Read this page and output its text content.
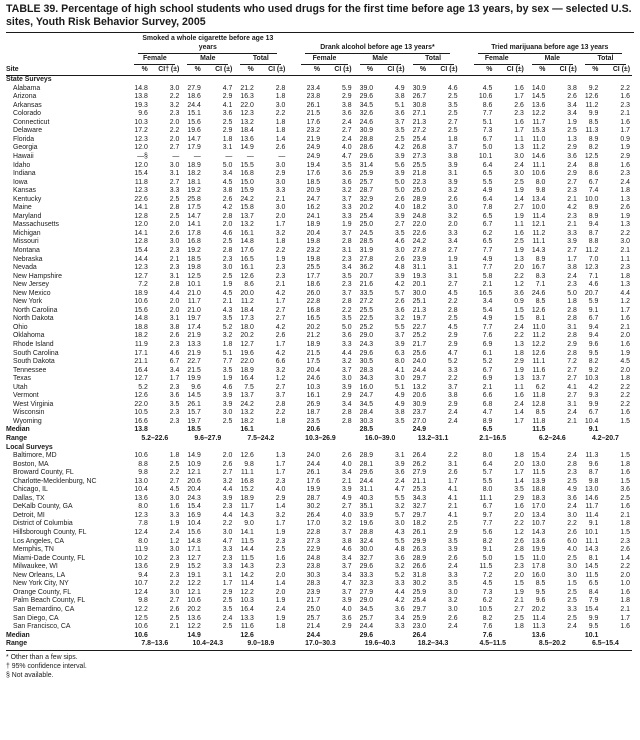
TABLE 39. Percentage of high school students who used drugs for the first time before age 13 years, by sex — selected U.S. sites, Youth Risk Behavior Survey, 2005

	Smoked a whole cigarette before age 13 years						Drank alcohol before age 13 years*						Tried marijuana before age 13 years					

	Female		Male		Total		Female		Male		Total		Female		Male		Total	

Site	%	CI† (±)	%	CI (±)	%	CI (±)	%	CI (±)	%	CI (±)	%	CI (±)	%	CI (±)	%	CI (±)	%	CI (±)
State Surveys																		
Alabama	14.8	3.0	27.9	4.7	21.2	2.8	23.4	5.9	39.0	4.9	30.9	4.6	4.5	1.6	14.0	3.8	9.2	2.2
Arizona	13.8	2.2	18.6	2.9	16.3	1.8	23.8	2.9	29.6	3.8	26.7	2.5	10.6	1.7	14.5	2.6	12.6	1.6
Arkansas	19.3	3.2	24.4	4.1	22.0	3.0	26.1	3.8	34.5	5.1	30.8	3.5	8.6	2.6	13.6	3.4	11.2	2.3
Colorado	9.6	2.3	15.1	3.6	12.3	2.2	21.5	3.6	32.6	3.6	27.1	2.5	7.7	2.3	12.2	3.4	9.9	2.1
Connecticut	10.3	2.0	15.6	2.5	13.2	1.8	17.6	2.4	24.6	3.7	21.3	2.7	5.1	1.6	11.7	1.9	8.5	1.6
Delaware	17.2	2.2	19.6	2.9	18.4	1.8	23.2	2.7	30.9	3.5	27.2	2.5	7.3	1.7	15.3	2.5	11.3	1.7
Florida	12.3	2.0	14.7	1.8	13.6	1.4	21.9	2.4	28.8	2.5	25.4	1.8	6.7	1.1	11.0	1.3	8.9	0.9
Georgia	12.0	2.7	17.9	3.1	14.9	2.6	24.9	4.0	28.6	4.2	26.8	3.7	5.0	1.3	11.2	2.9	8.2	1.9
Hawaii	—§	—	—	—	—	—	24.9	4.7	29.6	3.9	27.3	3.8	10.1	3.0	14.6	3.6	12.5	2.9
Idaho	12.0	3.0	18.9	5.0	15.5	3.0	19.4	3.5	31.4	5.6	25.5	3.9	6.4	2.4	11.1	2.4	8.8	1.6
Indiana	15.4	3.1	18.2	3.4	16.8	2.9	17.6	3.6	25.9	3.9	21.8	3.1	6.5	3.0	10.6	2.9	8.6	2.3
Iowa	11.8	2.7	18.1	4.5	15.0	3.0	18.5	3.6	25.7	5.0	22.3	3.9	5.5	2.5	8.0	2.7	6.7	2.4
Kansas	12.3	3.3	19.2	3.8	15.9	3.3	20.9	3.2	28.7	5.0	25.0	3.2	4.9	1.9	9.8	2.3	7.4	1.8
Kentucky	22.6	2.5	25.8	2.6	24.2	2.1	24.7	3.7	32.9	2.6	28.9	2.6	6.4	1.4	13.4	2.1	10.0	1.3
Maine	14.1	2.8	17.5	4.2	15.8	3.0	16.2	3.3	20.2	4.0	18.2	3.0	7.8	2.7	10.0	4.2	8.9	2.6
Maryland	12.8	2.5	14.7	2.8	13.7	2.0	24.1	3.3	25.4	3.9	24.8	3.2	6.5	1.9	11.4	2.3	8.9	1.9
Massachusetts	12.0	2.0	14.1	2.0	13.2	1.7	18.9	1.9	25.0	2.7	22.0	2.0	6.7	1.1	12.1	2.1	9.4	1.3
Michigan	14.1	2.6	17.8	4.6	16.1	3.2	20.4	3.7	24.5	3.5	22.6	3.3	6.2	1.6	11.2	3.3	8.7	2.2
Missouri	12.8	3.0	16.8	2.5	14.8	1.8	19.8	2.8	28.5	4.6	24.2	3.4	6.5	2.5	11.1	3.9	8.8	3.0
Montana	15.4	2.3	19.2	2.8	17.6	2.2	23.2	3.1	31.9	3.0	27.8	2.7	7.7	1.9	14.3	2.7	11.2	2.1
Nebraska	14.4	2.1	18.5	2.3	16.5	1.9	19.8	2.3	27.8	2.6	23.9	1.9	4.9	1.3	8.9	1.7	7.0	1.1
Nevada	12.3	2.3	19.8	3.0	16.1	2.3	25.5	3.4	36.2	4.8	31.1	3.1	7.7	2.0	16.7	3.8	12.3	2.3
New Hampshire	12.7	3.1	12.5	2.5	12.6	2.3	17.7	3.5	20.7	3.9	19.3	3.1	5.8	2.2	8.3	2.4	7.1	1.8
New Jersey	7.2	2.8	10.1	1.9	8.6	2.1	18.6	2.3	21.6	4.2	20.1	2.7	2.1	1.2	7.1	2.3	4.6	1.3
New Mexico	18.9	4.4	21.0	4.5	20.0	4.2	26.0	3.7	33.5	5.7	30.0	4.5	16.5	3.6	24.6	5.0	20.7	4.4
New York	10.6	2.0	11.7	2.1	11.2	1.7	22.8	2.8	27.2	2.6	25.1	2.2	3.4	0.9	8.5	1.8	5.9	1.2
North Carolina	15.6	2.0	21.0	4.3	18.4	2.7	16.8	2.2	25.5	3.6	21.3	2.8	5.4	1.5	12.6	2.8	9.1	1.7
North Dakota	14.8	3.1	19.7	3.5	17.3	2.7	16.5	3.5	22.5	3.2	19.7	2.5	4.9	1.5	8.1	2.8	6.7	1.6
Ohio	18.8	3.8	17.4	5.2	18.0	4.2	20.2	5.0	25.2	5.5	22.7	4.5	7.7	2.4	11.0	3.1	9.4	2.1
Oklahoma	18.2	2.6	21.9	3.2	20.2	2.6	21.2	3.6	29.0	3.7	25.2	2.9	7.6	2.2	11.2	2.8	9.4	2.0
Rhode Island	11.9	2.3	13.3	1.8	12.7	1.7	18.9	3.3	24.3	3.9	21.7	2.9	6.9	1.3	12.2	2.9	9.6	1.6
South Carolina	17.1	4.6	21.9	5.1	19.6	4.2	21.5	4.4	29.6	6.3	25.6	4.7	6.1	1.8	12.6	2.8	9.5	1.9
South Dakota	21.1	6.7	22.7	7.7	22.0	6.6	17.5	3.2	30.5	8.0	24.0	5.2	5.2	2.9	11.1	7.2	8.2	4.5
Tennessee	16.4	3.4	21.5	3.5	18.9	3.2	20.4	3.7	28.3	4.1	24.4	3.3	6.7	1.9	11.6	2.7	9.2	2.0
Texas	12.7	1.7	19.9	1.9	16.4	1.2	24.6	3.0	34.3	3.0	29.7	2.2	6.9	1.3	13.7	2.7	10.3	1.8
Utah	5.2	2.3	9.6	4.6	7.5	2.7	10.3	3.9	16.0	5.1	13.2	3.7	2.1	1.1	6.2	4.1	4.2	2.2
Vermont	12.6	3.6	14.5	3.9	13.7	3.7	16.1	2.9	24.7	4.9	20.6	3.8	6.6	1.6	11.8	2.7	9.3	2.2
West Virginia	22.0	3.5	26.1	3.9	24.2	2.8	26.9	3.4	34.5	4.9	30.9	2.9	6.8	2.4	12.8	3.1	9.9	2.2
Wisconsin	10.5	2.3	15.7	3.0	13.2	2.2	18.7	2.8	28.4	3.8	23.7	2.4	4.7	1.4	8.5	2.4	6.7	1.6
Wyoming	16.6	2.3	19.7	2.5	18.2	1.8	23.5	2.8	30.3	3.5	27.0	2.4	8.9	1.7	11.8	2.1	10.4	1.5
Median	13.8		18.5		16.1		20.6		28.5		24.9		6.5		11.5		9.1	
Range	5.2–22.6		9.6–27.9		7.5–24.2		10.3–26.9		16.0–39.0		13.2–31.1		2.1–16.5		6.2–24.6		4.2–20.7	
Local Surveys																		
Baltimore, MD	10.6	1.8	14.9	2.0	12.6	1.3	24.0	2.6	28.9	3.1	26.4	2.2	8.0	1.8	15.4	2.4	11.3	1.5
Boston, MA	8.8	2.5	10.9	2.6	9.8	1.7	24.4	4.0	28.1	3.9	26.2	3.1	6.4	2.0	13.0	2.8	9.6	1.8
Broward County, FL	9.8	2.2	12.1	2.7	11.1	1.7	26.1	3.4	29.6	3.6	27.9	2.6	5.7	1.7	11.5	2.3	8.7	1.6
Charlotte-Mecklenburg, NC	13.0	2.7	20.6	3.2	16.8	2.3	17.6	2.1	24.4	2.4	21.1	1.7	5.5	1.4	13.9	2.5	9.8	1.5
Chicago, IL	10.4	4.5	20.4	4.4	15.2	4.0	19.9	3.9	31.1	4.7	25.3	4.1	8.0	3.5	18.8	4.9	13.0	3.6
Dallas, TX	13.6	3.0	24.3	3.9	18.9	2.9	28.7	4.9	40.3	5.5	34.3	4.1	11.1	2.9	18.3	3.6	14.6	2.5
DeKalb County, GA	8.0	1.6	15.4	2.3	11.7	1.4	30.2	2.7	35.1	3.2	32.7	2.1	6.7	1.6	17.0	2.4	11.7	1.6
Detroit, MI	12.3	3.3	16.9	4.4	14.3	3.2	26.4	4.0	33.9	5.7	29.7	4.1	9.7	2.0	13.4	3.0	11.4	2.1
District of Columbia	7.8	1.9	10.4	2.2	9.0	1.7	17.0	3.2	19.6	3.0	18.2	2.5	7.7	2.2	10.7	2.2	9.1	1.8
Hillsborough County, FL	12.4	2.4	15.6	3.0	14.1	1.9	22.8	3.7	28.8	4.3	26.1	2.9	5.6	1.2	14.3	2.6	10.1	1.5
Los Angeles, CA	8.0	1.2	14.8	4.7	11.5	2.3	27.3	3.8	32.4	5.5	29.9	3.5	8.2	2.6	13.6	6.0	11.1	2.3
Memphis, TN	11.9	3.0	17.1	3.3	14.4	2.5	22.9	4.6	30.0	4.8	26.3	3.9	9.1	2.8	19.9	4.0	14.3	2.6
Miami-Dade County, FL	10.2	2.3	12.7	2.3	11.5	1.6	24.8	3.4	32.7	3.6	28.9	2.6	5.0	1.5	11.0	2.5	8.1	1.4
Milwaukee, WI	13.6	2.9	15.2	3.3	14.3	2.3	23.8	3.7	29.6	3.2	26.6	2.4	11.5	2.3	17.8	3.0	14.5	2.2
New Orleans, LA	9.4	2.3	19.1	3.1	14.2	2.0	30.3	3.4	33.3	5.2	31.8	3.3	7.2	2.0	16.0	3.0	11.5	2.0
New York City, NY	10.7	2.2	12.2	1.7	11.4	1.4	28.3	4.7	32.3	3.3	30.2	3.5	4.5	1.5	8.5	1.5	6.5	1.0
Orange County, FL	12.4	3.0	12.1	2.9	12.2	2.0	23.9	3.7	27.9	4.4	25.9	3.0	7.3	1.9	9.5	2.5	8.4	1.6
Palm Beach County, FL	9.8	2.7	10.6	2.5	10.3	1.9	21.7	3.9	29.0	4.2	25.4	3.2	6.2	2.1	9.6	2.5	7.9	1.8
San Bernardino, CA	12.2	2.6	20.2	3.5	16.4	2.4	25.0	4.0	34.5	3.6	29.7	3.0	10.5	2.7	20.2	3.3	15.4	2.1
San Diego, CA	12.5	2.5	13.6	2.4	13.3	1.9	25.7	3.6	25.7	3.4	25.9	2.6	8.2	2.5	11.4	2.5	9.9	1.7
San Francisco, CA	10.6	2.1	12.2	2.5	11.6	1.8	21.4	2.9	24.4	3.3	23.0	2.4	7.6	1.8	11.3	2.4	9.5	1.6
Median	10.6		14.9		12.6		24.4		29.6		26.4		7.6		13.6		10.1	
Range	7.8–13.6		10.4–24.3		9.0–18.9		17.0–30.3		19.6–40.3		18.2–34.3		4.5–11.5		8.5–20.2		6.5–15.4	
* Other than a few sips.
† 95% confidence interval.
§ Not available.
